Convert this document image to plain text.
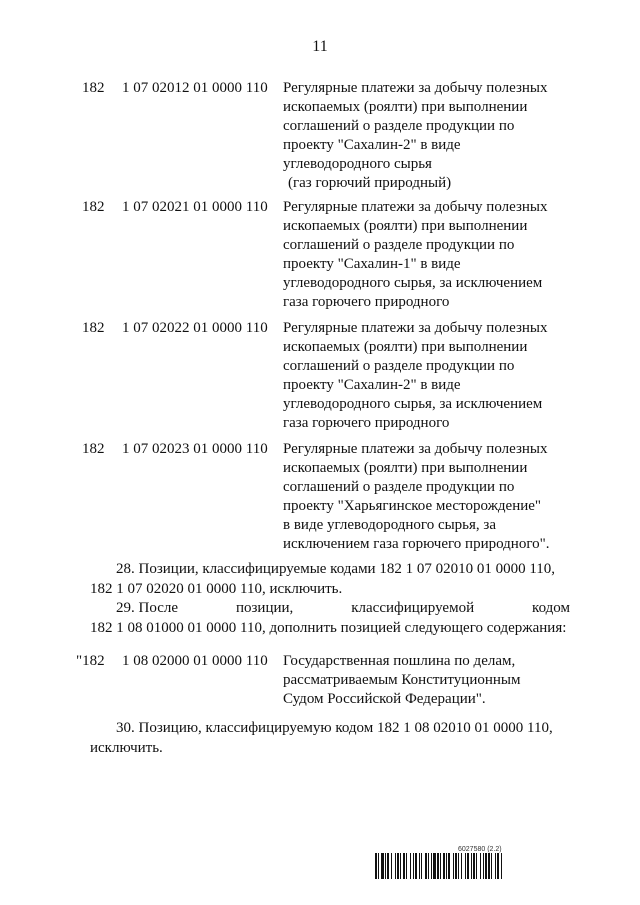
11
182	1 07 02012 01 0000 110	Регулярные платежи за добычу полезных
ископаемых (роялти) при выполнении
соглашений о разделе продукции по
проекту "Сахалин-2" в виде
углеводородного сырья
(газ горючий природный)
182	1 07 02021 01 0000 110	Регулярные платежи за добычу полезных
ископаемых (роялти) при выполнении
соглашений о разделе продукции по
проекту "Сахалин-1" в виде
углеводородного сырья, за исключением
газа горючего природного
182	1 07 02022 01 0000 110	Регулярные платежи за добычу полезных
ископаемых (роялти) при выполнении
соглашений о разделе продукции по
проекту "Сахалин-2" в виде
углеводородного сырья, за исключением
газа горючего природного
182	1 07 02023 01 0000 110	Регулярные платежи за добычу полезных
ископаемых (роялти) при выполнении
соглашений о разделе продукции по
проекту "Харьягинское месторождение"
в виде углеводородного сырья, за
исключением газа горючего природного".
28. Позиции, классифицируемые кодами 182 1 07 02010 01 0000 110,
182 1 07 02020 01 0000 110, исключить.
29. После	позиции,	классифицируемой	кодом
182 1 08 01000 01 0000 110, дополнить позицией следующего содержания:
"182 1 08 02000 01 0000 110	Государственная пошлина по делам,
рассматриваемым Конституционным
Судом Российской Федерации".
30. Позицию, классифицируемую кодом 182 1 08 02010 01 0000 110,
исключить.
6027580 (2.2)
